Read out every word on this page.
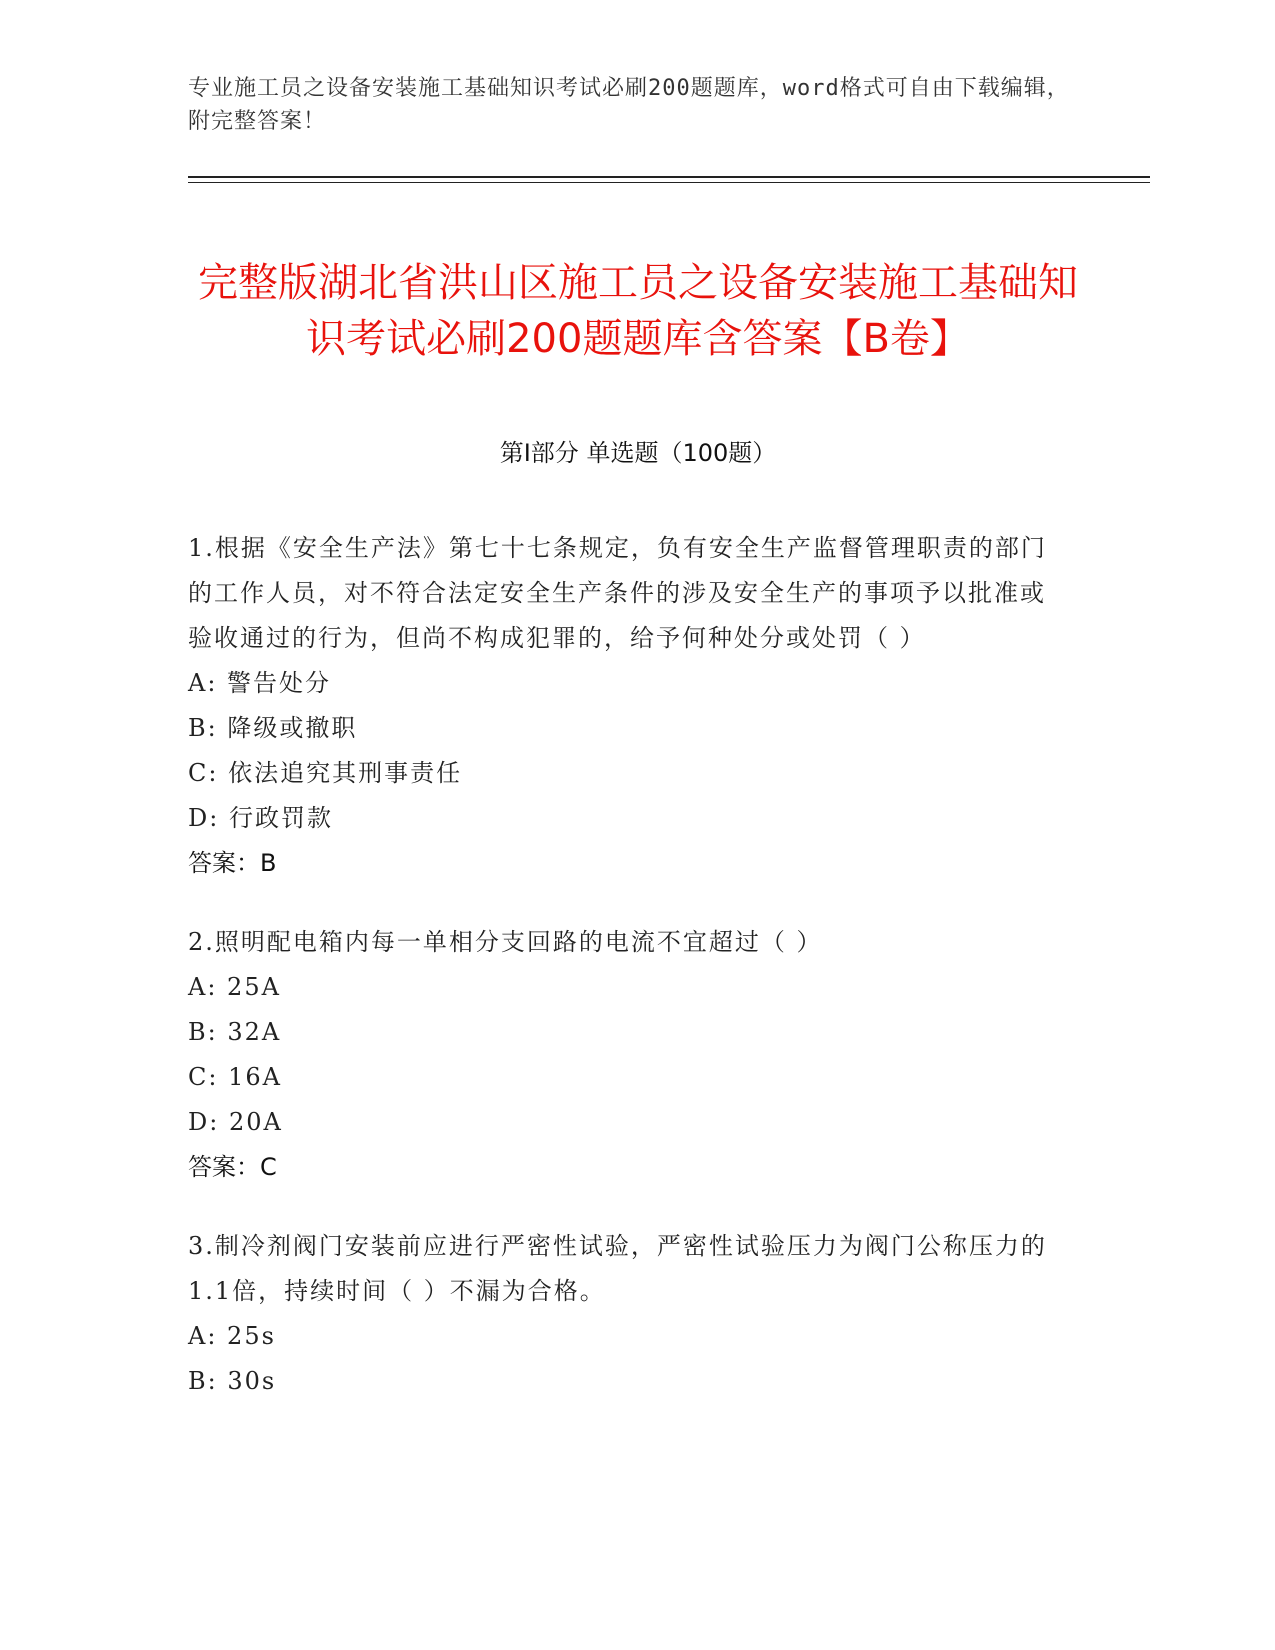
专业施工员之设备安装施工基础知识考试必刷200题题库，word格式可自由下载编辑，附完整答案！
完整版湖北省洪山区施工员之设备安装施工基础知识考试必刷200题题库含答案【B卷】
第Ⅰ部分 单选题（100题）

1.根据《安全生产法》第七十七条规定，负有安全生产监督管理职责的部门的工作人员，对不符合法定安全生产条件的涉及安全生产的事项予以批准或验收通过的行为，但尚不构成犯罪的，给予何种处分或处罚（ ）

A: 警告处分

B: 降级或撤职

C: 依法追究其刑事责任

D: 行政罚款

答案：B

2.照明配电箱内每一单相分支回路的电流不宜超过（ ）

A: 25A

B: 32A

C: 16A

D: 20A

答案：C

3.制冷剂阀门安装前应进行严密性试验，严密性试验压力为阀门公称压力的1.1倍，持续时间（ ）不漏为合格。

A: 25s

B: 30s
